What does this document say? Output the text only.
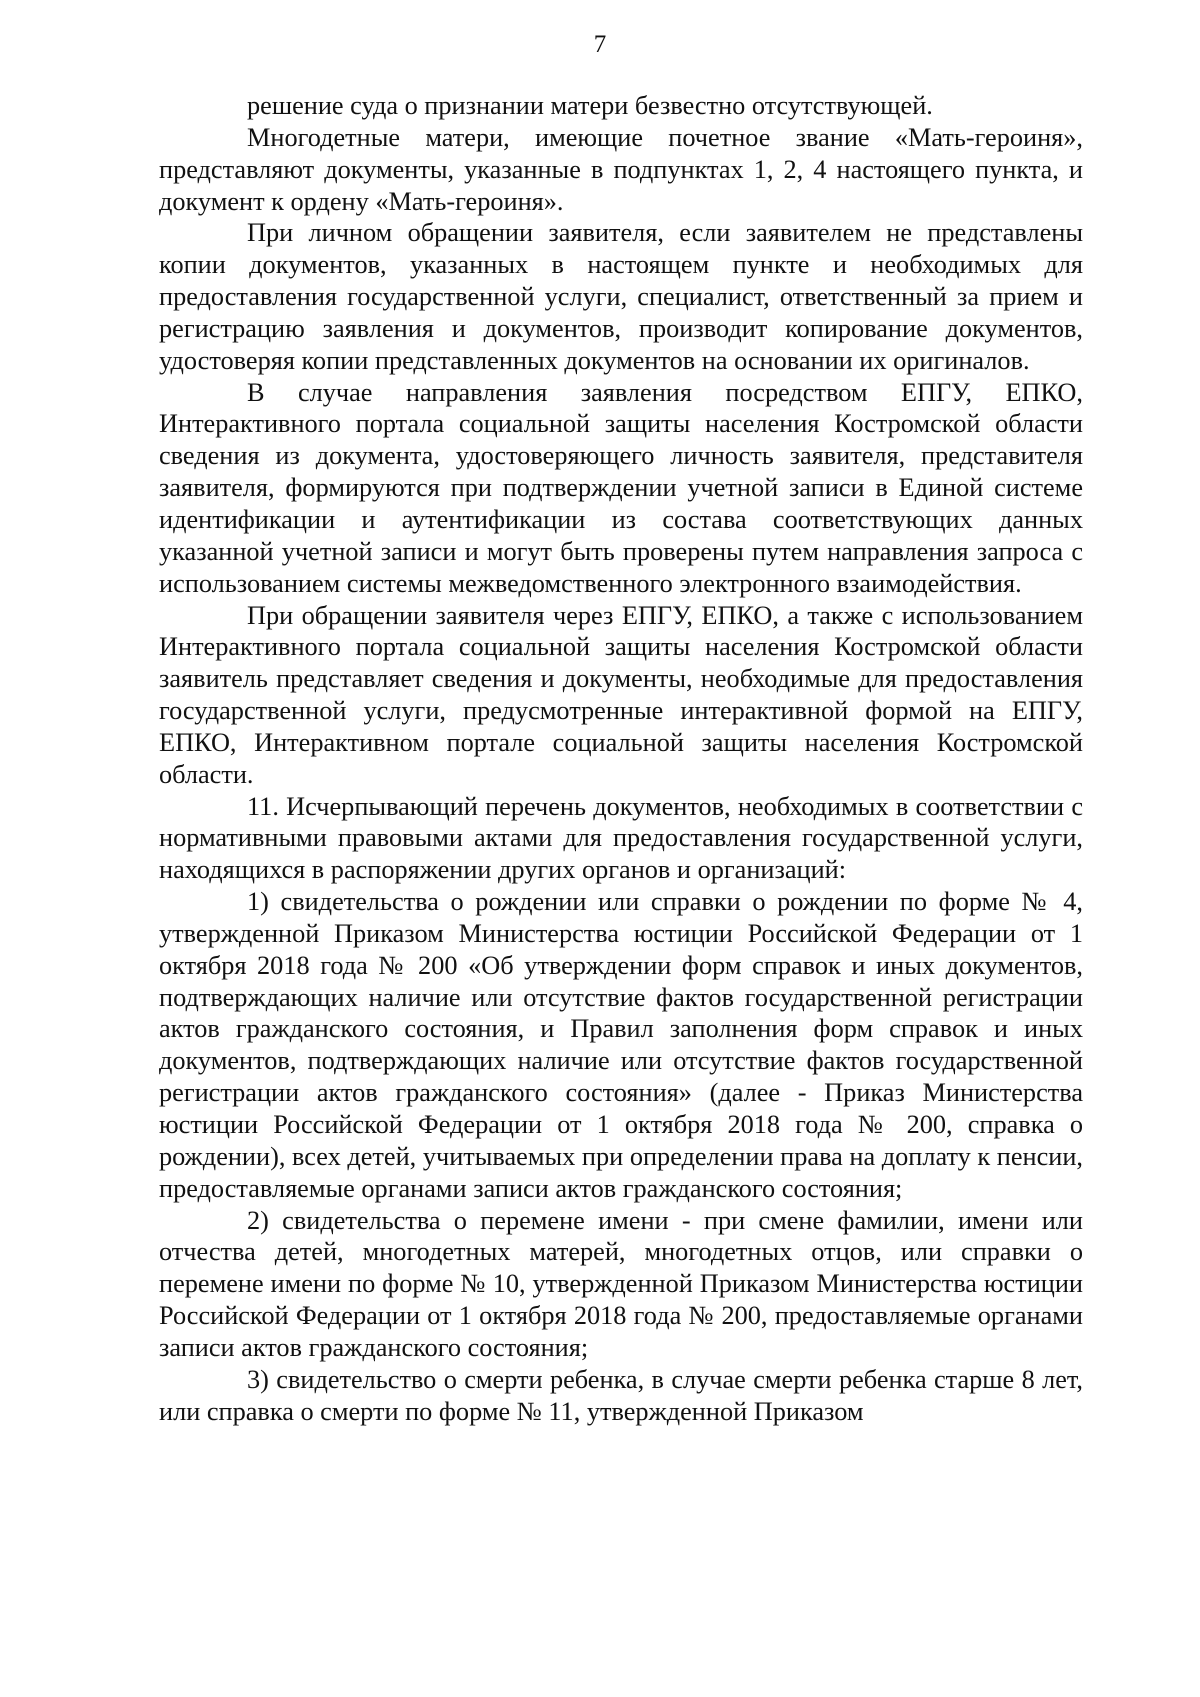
7

решение суда о признании матери безвестно отсутствующей.

Многодетные матери, имеющие почетное звание «Мать-героиня», представляют документы, указанные в подпунктах 1, 2, 4 настоящего пункта, и документ к ордену «Мать-героиня».

При личном обращении заявителя, если заявителем не представлены копии документов, указанных в настоящем пункте и необходимых для предоставления государственной услуги, специалист, ответственный за прием и регистрацию заявления и документов, производит копирование документов, удостоверяя копии представленных документов на основании их оригиналов.

В случае направления заявления посредством ЕПГУ, ЕПКО, Интерактивного портала социальной защиты населения Костромской области сведения из документа, удостоверяющего личность заявителя, представителя заявителя, формируются при подтверждении учетной записи в Единой системе идентификации и аутентификации из состава соответствующих данных указанной учетной записи и могут быть проверены путем направления запроса с использованием системы межведомственного электронного взаимодействия.

При обращении заявителя через ЕПГУ, ЕПКО, а также с использованием Интерактивного портала социальной защиты населения Костромской области заявитель представляет сведения и документы, необходимые для предоставления государственной услуги, предусмотренные интерактивной формой на ЕПГУ, ЕПКО, Интерактивном портале социальной защиты населения Костромской области.

11. Исчерпывающий перечень документов, необходимых в соответствии с нормативными правовыми актами для предоставления государственной услуги, находящихся в распоряжении других органов и организаций:

1) свидетельства о рождении или справки о рождении по форме № 4, утвержденной Приказом Министерства юстиции Российской Федерации от 1 октября 2018 года № 200 «Об утверждении форм справок и иных документов, подтверждающих наличие или отсутствие фактов государственной регистрации актов гражданского состояния, и Правил заполнения форм справок и иных документов, подтверждающих наличие или отсутствие фактов государственной регистрации актов гражданского состояния» (далее - Приказ Министерства юстиции Российской Федерации от 1 октября 2018 года № 200, справка о рождении), всех детей, учитываемых при определении права на доплату к пенсии, предоставляемые органами записи актов гражданского состояния;

2) свидетельства о перемене имени - при смене фамилии, имени или отчества детей, многодетных матерей, многодетных отцов, или справки о перемене имени по форме № 10, утвержденной Приказом Министерства юстиции Российской Федерации от 1 октября 2018 года № 200, предоставляемые органами записи актов гражданского состояния;

3) свидетельство о смерти ребенка, в случае смерти ребенка старше 8 лет, или справка о смерти по форме № 11, утвержденной Приказом
